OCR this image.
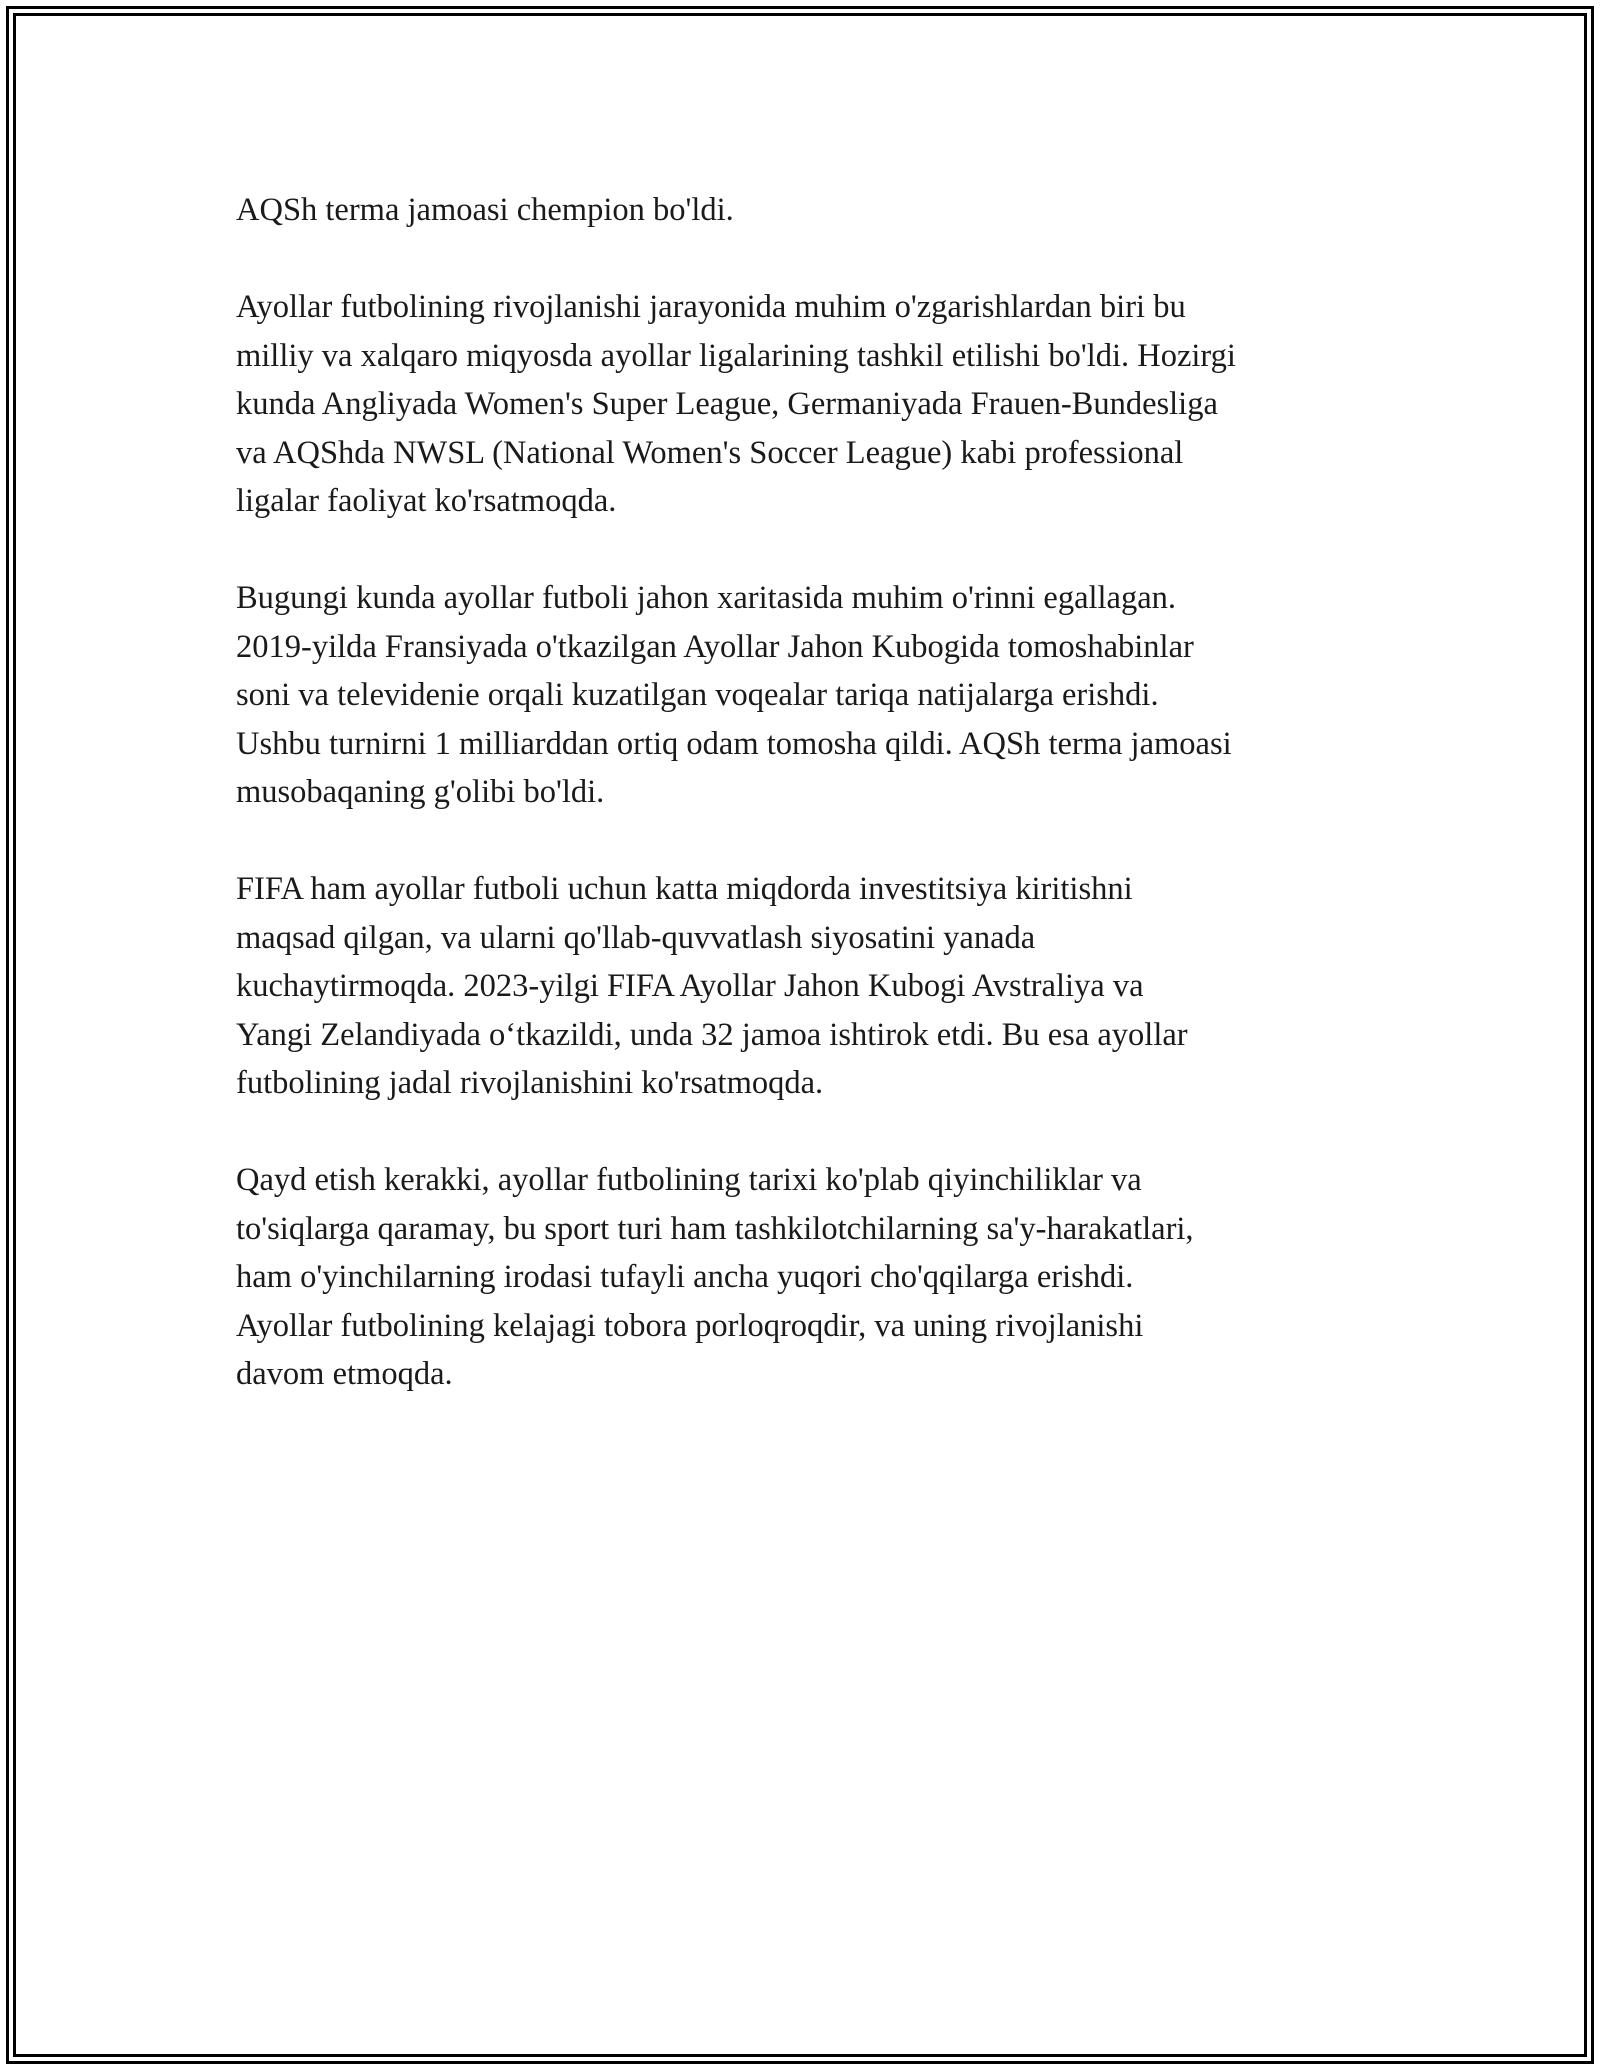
AQSh terma jamoasi chempion bo'ldi.

Ayollar futbolining rivojlanishi jarayonida muhim o'zgarishlardan biri bu
milliy va xalqaro miqyosda ayollar ligalarining tashkil etilishi bo'ldi. Hozirgi
kunda Angliyada Women's Super League, Germaniyada Frauen-Bundesliga
va AQShda NWSL (National Women's Soccer League) kabi professional
ligalar faoliyat ko'rsatmoqda.

Bugungi kunda ayollar futboli jahon xaritasida muhim o'rinni egallagan.
2019-yilda Fransiyada o'tkazilgan Ayollar Jahon Kubogida tomoshabinlar
soni va televidenie orqali kuzatilgan voqealar tariqa natijalarga erishdi.
Ushbu turnirni 1 milliarddan ortiq odam tomosha qildi. AQSh terma jamoasi
musobaqaning g'olibi bo'ldi.

FIFA ham ayollar futboli uchun katta miqdorda investitsiya kiritishni
maqsad qilgan, va ularni qo'llab-quvvatlash siyosatini yanada
kuchaytirmoqda. 2023-yilgi FIFA Ayollar Jahon Kubogi Avstraliya va
Yangi Zelandiyada o‘tkazildi, unda 32 jamoa ishtirok etdi. Bu esa ayollar
futbolining jadal rivojlanishini ko'rsatmoqda.

Qayd etish kerakki, ayollar futbolining tarixi ko'plab qiyinchiliklar va
to'siqlarga qaramay, bu sport turi ham tashkilotchilarning sa'y-harakatlari,
ham o'yinchilarning irodasi tufayli ancha yuqori cho'qqilarga erishdi.
Ayollar futbolining kelajagi tobora porloqroqdir, va uning rivojlanishi
davom etmoqda.
